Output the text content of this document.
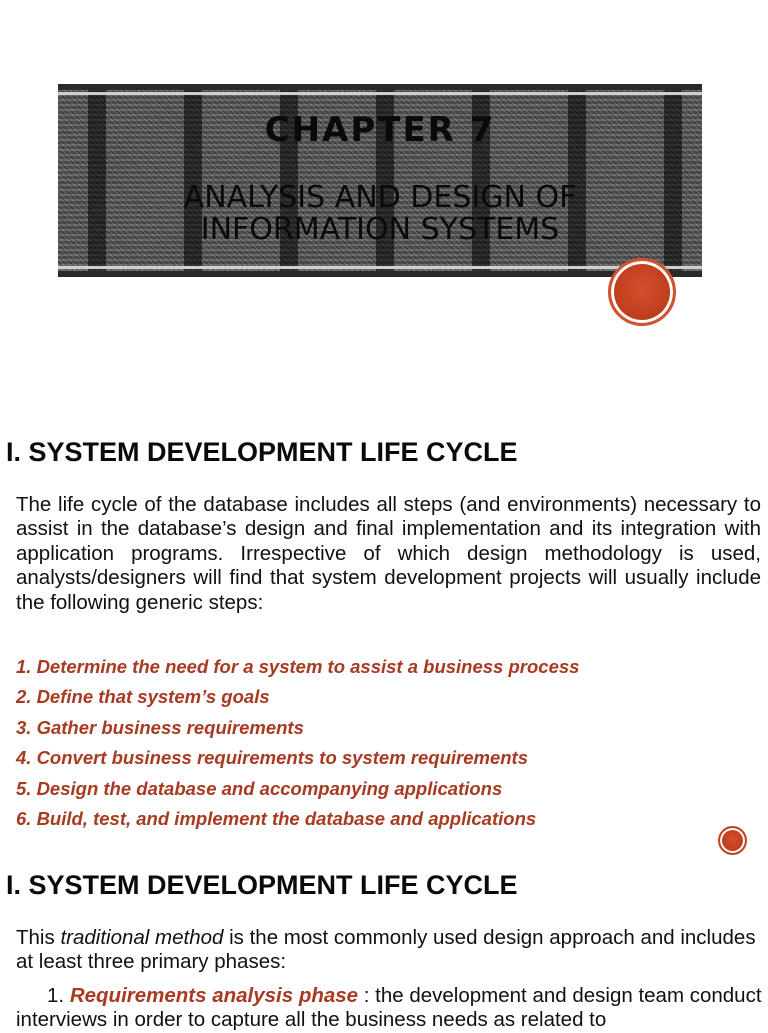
CHAPTER 7
ANALYSIS AND DESIGN OF
INFORMATION SYSTEMS
I. SYSTEM DEVELOPMENT LIFE CYCLE

The life cycle of the database includes all steps (and environments) necessary to assist in the database’s design and final implementation and its integration with application programs. Irrespective of which design methodology is used, analysts/designers will find that system development projects will usually include the following generic steps:

1. Determine the need for a system to assist a business process
2. Define that system’s goals
3. Gather business requirements
4. Convert business requirements to system requirements
5. Design the database and accompanying applications
6. Build, test, and implement the database and applications
I. SYSTEM DEVELOPMENT LIFE CYCLE

This traditional method is the most commonly used design approach and includes at least three primary phases:

1. Requirements analysis phase : the development and design team conduct interviews in order to capture all the business needs as related to
